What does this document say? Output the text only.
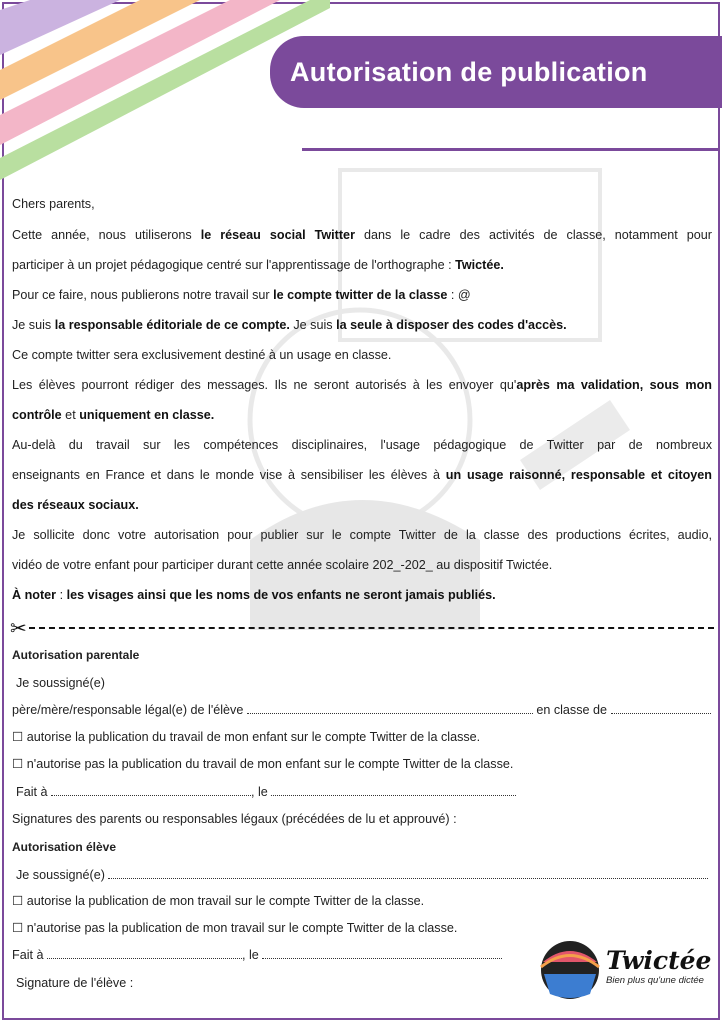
Autorisation de publication
Chers parents,
Cette année, nous utiliserons le réseau social Twitter dans le cadre des activités de classe, notamment pour
participer à un projet pédagogique centré sur l'apprentissage de l'orthographe : Twictée.
Pour ce faire, nous publierons notre travail sur le compte twitter de la classe : @
Je suis la responsable éditoriale de ce compte. Je suis la seule à disposer des codes d'accès.
Ce compte twitter sera exclusivement destiné à un usage en classe.
Les élèves pourront rédiger des messages. Ils ne seront autorisés à les envoyer qu'après ma validation, sous mon
contrôle et uniquement en classe.
Au-delà du travail sur les compétences disciplinaires, l'usage pédagogique de Twitter par de nombreux
enseignants en France et dans le monde vise à sensibiliser les élèves à un usage raisonné, responsable et citoyen
des réseaux sociaux.
Je sollicite donc votre autorisation pour publier sur le compte Twitter de la classe des productions écrites, audio,
vidéo de votre enfant pour participer durant cette année scolaire 202_-202_ au dispositif Twictée.
À noter : les visages ainsi que les noms de vos enfants ne seront jamais publiés.
✂
Autorisation parentale
Je soussigné(e)
père/mère/responsable légal(e) de l'élève	en classe de
☐ autorise la publication du travail de mon enfant sur le compte Twitter de la classe.
☐ n'autorise pas la publication du travail de mon enfant sur le compte Twitter de la classe.
Fait à	, le
Signatures des parents ou responsables légaux (précédées de lu et approuvé) :
Autorisation élève
Je soussigné(e)
☐ autorise la publication de mon travail sur le compte Twitter de la classe.
☐ n'autorise pas la publication de mon travail sur le compte Twitter de la classe.
Fait à	, le
Signature de l'élève :
Twictée
Bien plus qu'une dictée
